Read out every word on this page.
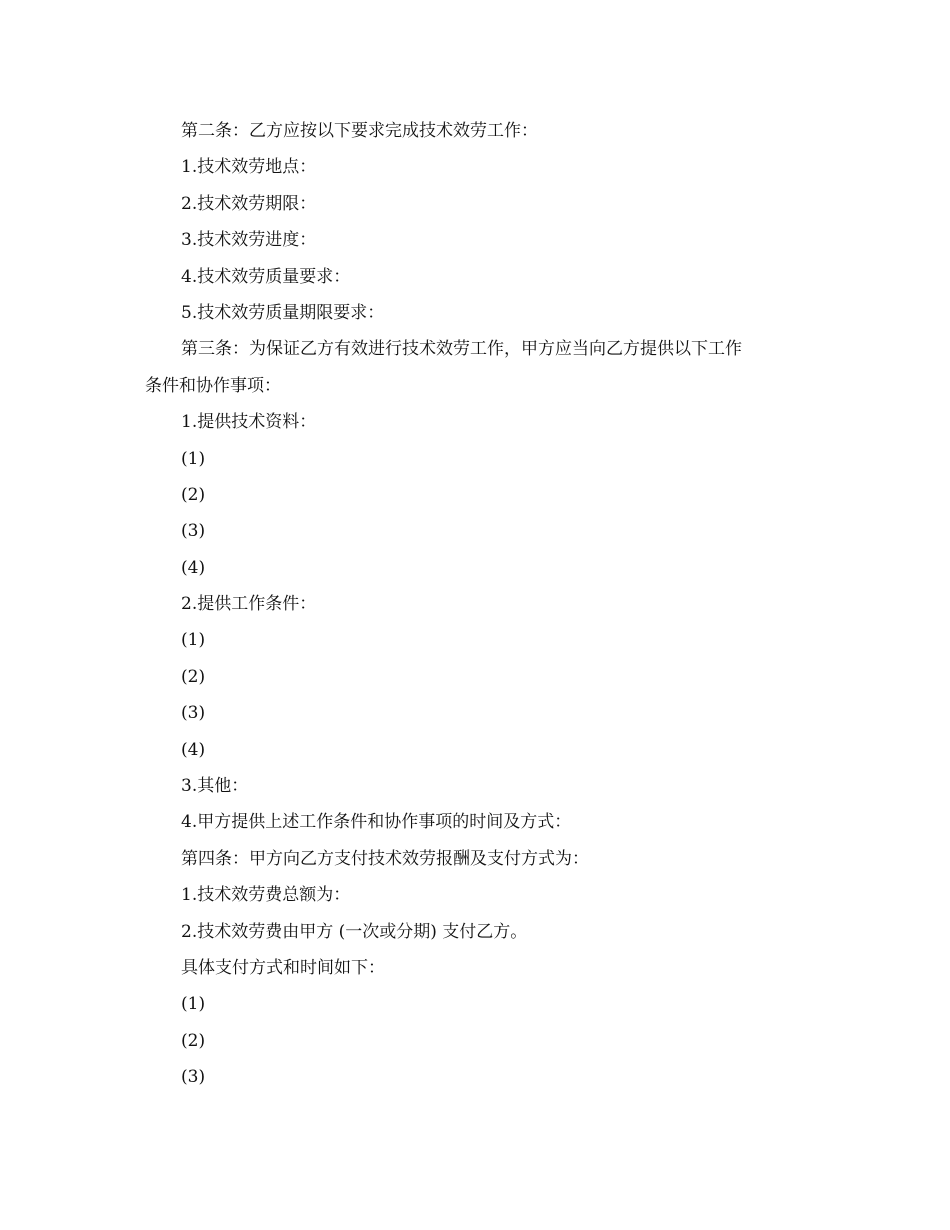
第二条：乙方应按以下要求完成技术效劳工作：
1.技术效劳地点：
2.技术效劳期限：
3.技术效劳进度：
4.技术效劳质量要求：
5.技术效劳质量期限要求：
第三条：为保证乙方有效进行技术效劳工作，甲方应当向乙方提供以下工作
条件和协作事项：
1.提供技术资料：
(1)
(2)
(3)
(4)
2.提供工作条件：
(1)
(2)
(3)
(4)
3.其他：
4.甲方提供上述工作条件和协作事项的时间及方式：
第四条：甲方向乙方支付技术效劳报酬及支付方式为：
1.技术效劳费总额为：
2.技术效劳费由甲方 (一次或分期) 支付乙方。
具体支付方式和时间如下：
(1)
(2)
(3)
